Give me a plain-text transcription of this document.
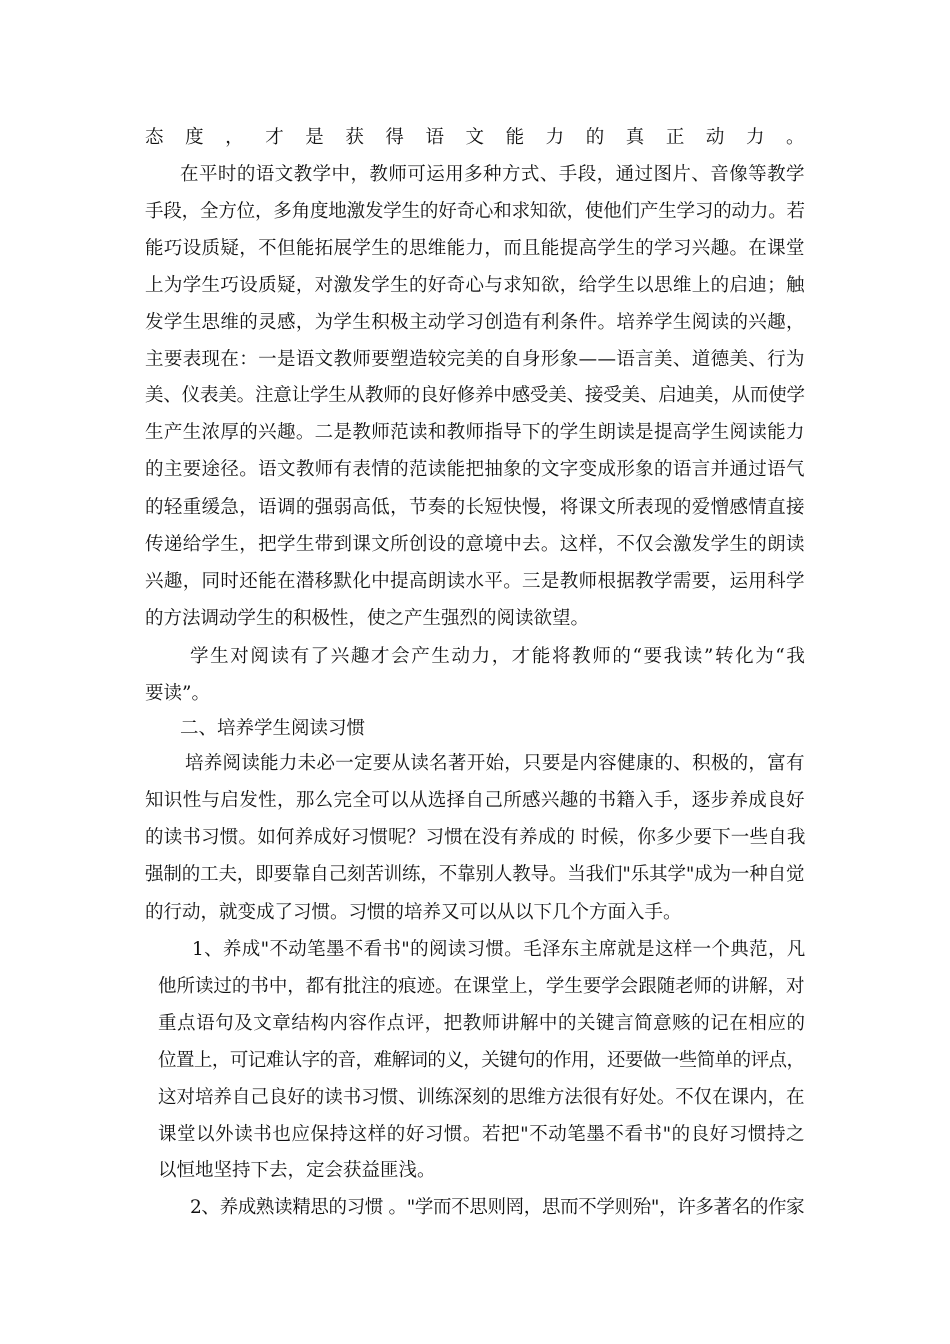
态度，才是获得语文能力的真正动力。
在平时的语文教学中，教师可运用多种方式、手段，通过图片、音像等教学
手段，全方位，多角度地激发学生的好奇心和求知欲，使他们产生学习的动力。若
能巧设质疑，不但能拓展学生的思维能力，而且能提高学生的学习兴趣。在课堂
上为学生巧设质疑，对激发学生的好奇心与求知欲，给学生以思维上的启迪；触
发学生思维的灵感，为学生积极主动学习创造有利条件。培养学生阅读的兴趣，
主要表现在：一是语文教师要塑造较完美的自身形象——语言美、道德美、行为
美、仪表美。注意让学生从教师的良好修养中感受美、接受美、启迪美，从而使学
生产生浓厚的兴趣。二是教师范读和教师指导下的学生朗读是提高学生阅读能力
的主要途径。语文教师有表情的范读能把抽象的文字变成形象的语言并通过语气
的轻重缓急，语调的强弱高低，节奏的长短快慢，将课文所表现的爱憎感情直接
传递给学生，把学生带到课文所创设的意境中去。这样，不仅会激发学生的朗读
兴趣，同时还能在潜移默化中提高朗读水平。三是教师根据教学需要，运用科学
的方法调动学生的积极性，使之产生强烈的阅读欲望。
学生对阅读有了兴趣才会产生动力，才能将教师的“要我读”转化为“我
要读”。
二、培养学生阅读习惯
培养阅读能力未必一定要从读名著开始，只要是内容健康的、积极的，富有
知识性与启发性，那么完全可以从选择自己所感兴趣的书籍入手，逐步养成良好
的读书习惯。如何养成好习惯呢？习惯在没有养成的 时候，你多少要下一些自我
强制的工夫，即要靠自己刻苦训练，不靠别人教导。当我们"乐其学"成为一种自觉
的行动，就变成了习惯。习惯的培养又可以从以下几个方面入手。
1、养成"不动笔墨不看书"的阅读习惯。毛泽东主席就是这样一个典范，凡
他所读过的书中，都有批注的痕迹。在课堂上，学生要学会跟随老师的讲解，对
重点语句及文章结构内容作点评，把教师讲解中的关键言简意赅的记在相应的
位置上，可记难认字的音，难解词的义，关键句的作用，还要做一些简单的评点，
这对培养自己良好的读书习惯、训练深刻的思维方法很有好处。不仅在课内，在
课堂以外读书也应保持这样的好习惯。若把"不动笔墨不看书"的良好习惯持之
以恒地坚持下去，定会获益匪浅。
2、养成熟读精思的习惯 。"学而不思则罔，思而不学则殆"，许多著名的作家
